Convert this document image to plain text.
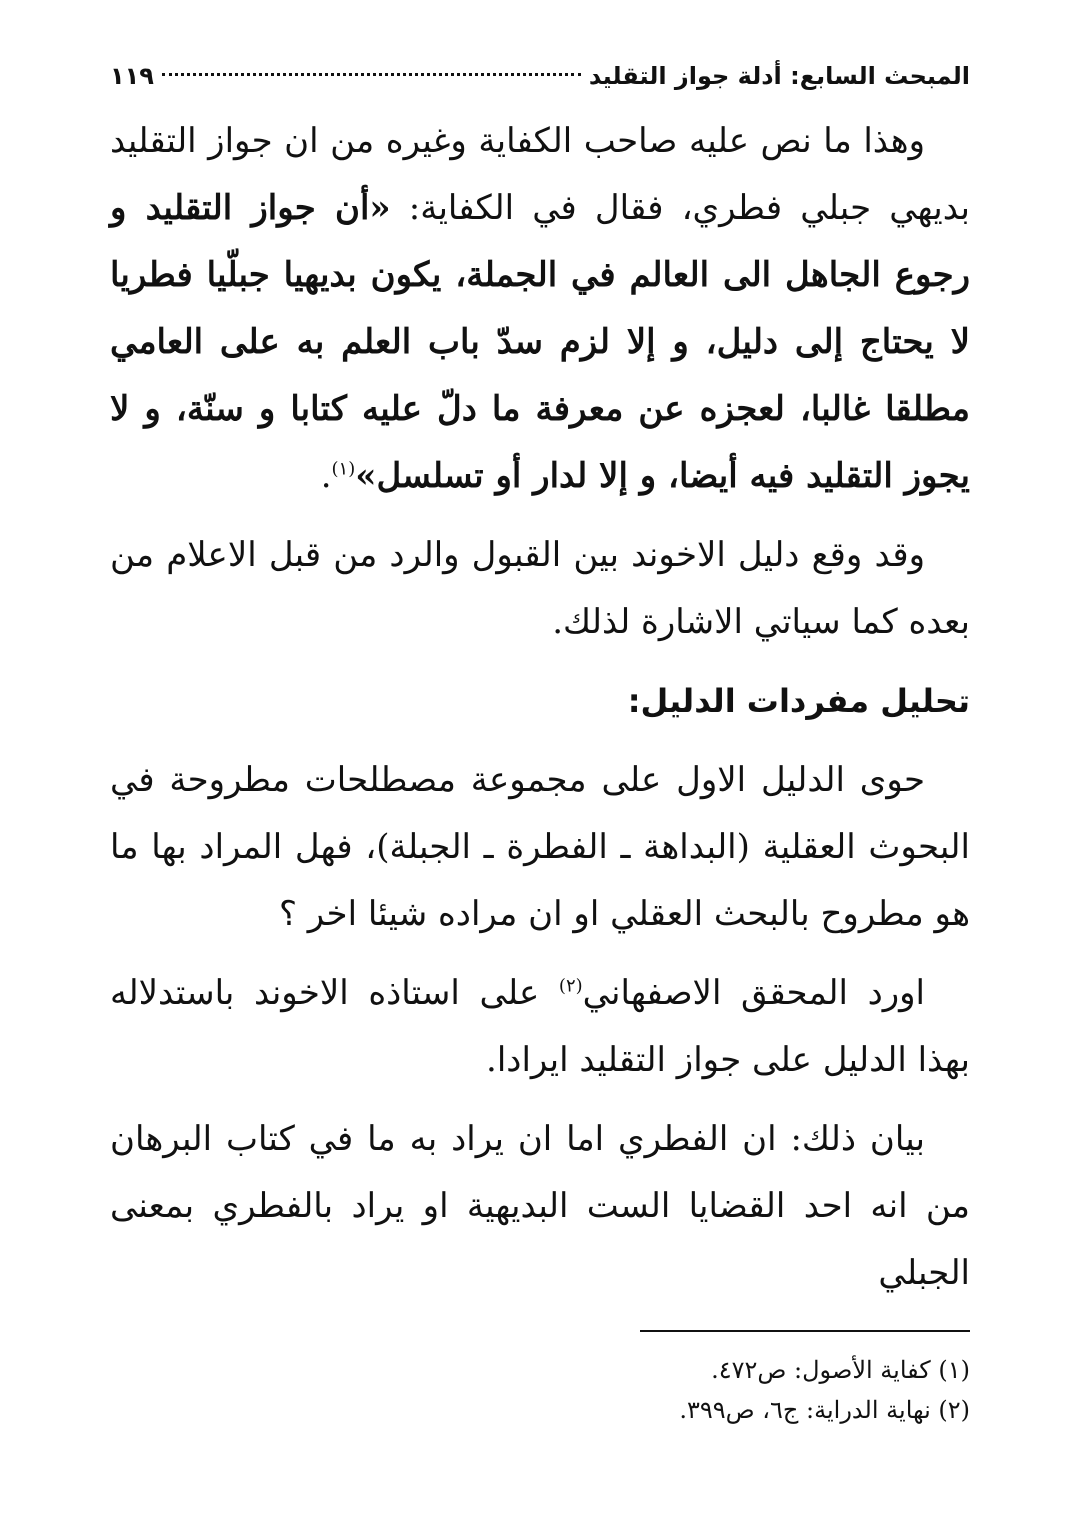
المبحث السابع: أدلة جواز التقليد
١١٩

وهذا ما نص عليه صاحب الكفاية وغيره من ان جواز التقليد بديهي جبلي فطري، فقال في الكفاية: «أن جواز التقليد و رجوع الجاهل الى العالم في الجملة، يكون بديهيا جبلّيا فطريا لا يحتاج إلى دليل، و إلا لزم سدّ باب العلم به على العامي مطلقا غالبا، لعجزه عن معرفة ما دلّ عليه كتابا و سنّة، و لا يجوز التقليد فيه أيضا، و إلا لدار أو تسلسل»$^{(١)}$.

وقد وقع دليل الاخوند بين القبول والرد من قبل الاعلام من بعده كما سياتي الاشارة لذلك.

تحليل مفردات الدليل:

حوى الدليل الاول على مجموعة مصطلحات مطروحة في البحوث العقلية (البداهة ـ الفطرة ـ الجبلة)، فهل المراد بها ما هو مطروح بالبحث العقلي او ان مراده شيئا اخر ؟

اورد المحقق الاصفهاني$^{(٢)}$ على استاذه الاخوند باستدلاله بهذا الدليل على جواز التقليد ايرادا.

بيان ذلك: ان الفطري اما ان يراد به ما في كتاب البرهان من انه احد القضايا الست البديهية او يراد بالفطري بمعنى الجبلي

(١) كفاية الأصول: ص٤٧٢.

(٢) نهاية الدراية: ج٦، ص٣٩٩.
